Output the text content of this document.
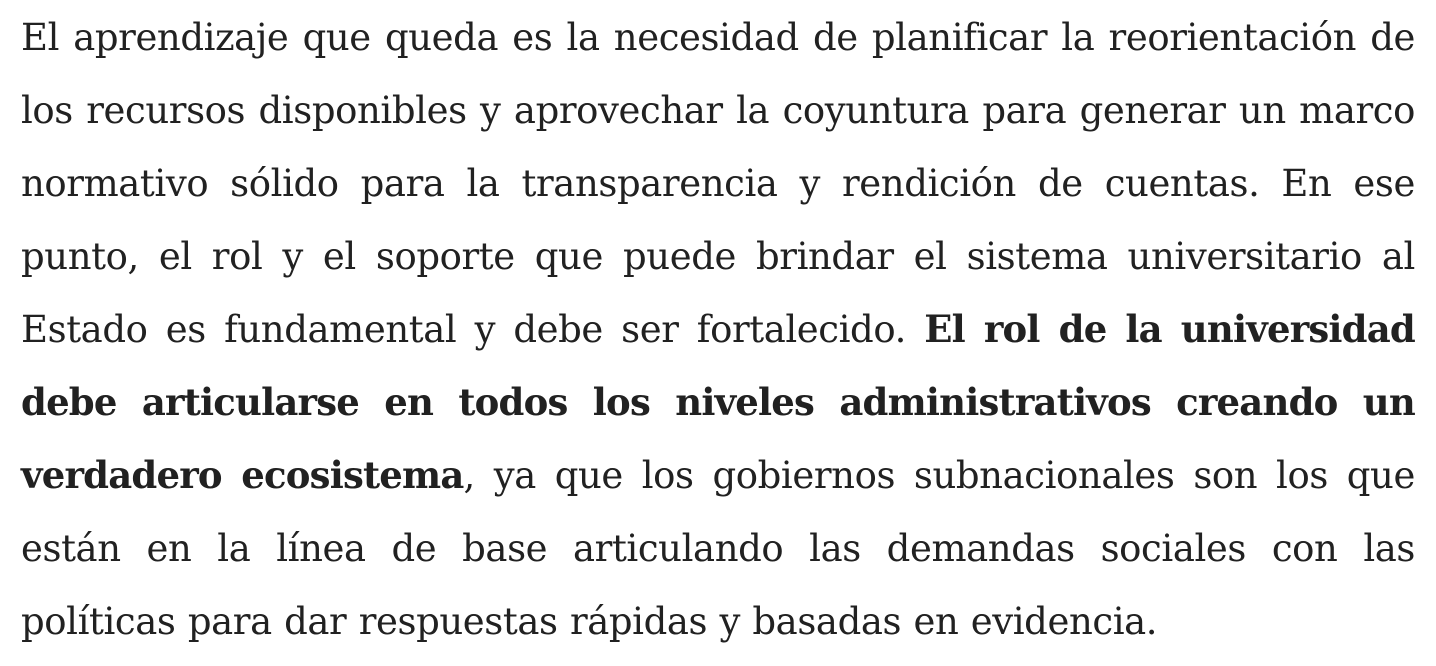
El aprendizaje que queda es la necesidad de planificar la reorientación de los recursos disponibles y aprovechar la coyuntura para generar un marco normativo sólido para la transparencia y rendición de cuentas. En ese punto, el rol y el soporte que puede brindar el sistema universitario al Estado es fundamental y debe ser fortalecido. El rol de la universidad debe articularse en todos los niveles administrativos creando un verdadero ecosistema, ya que los gobiernos subnacionales son los que están en la línea de base articulando las demandas sociales con las políticas para dar respuestas rápidas y basadas en evidencia.
